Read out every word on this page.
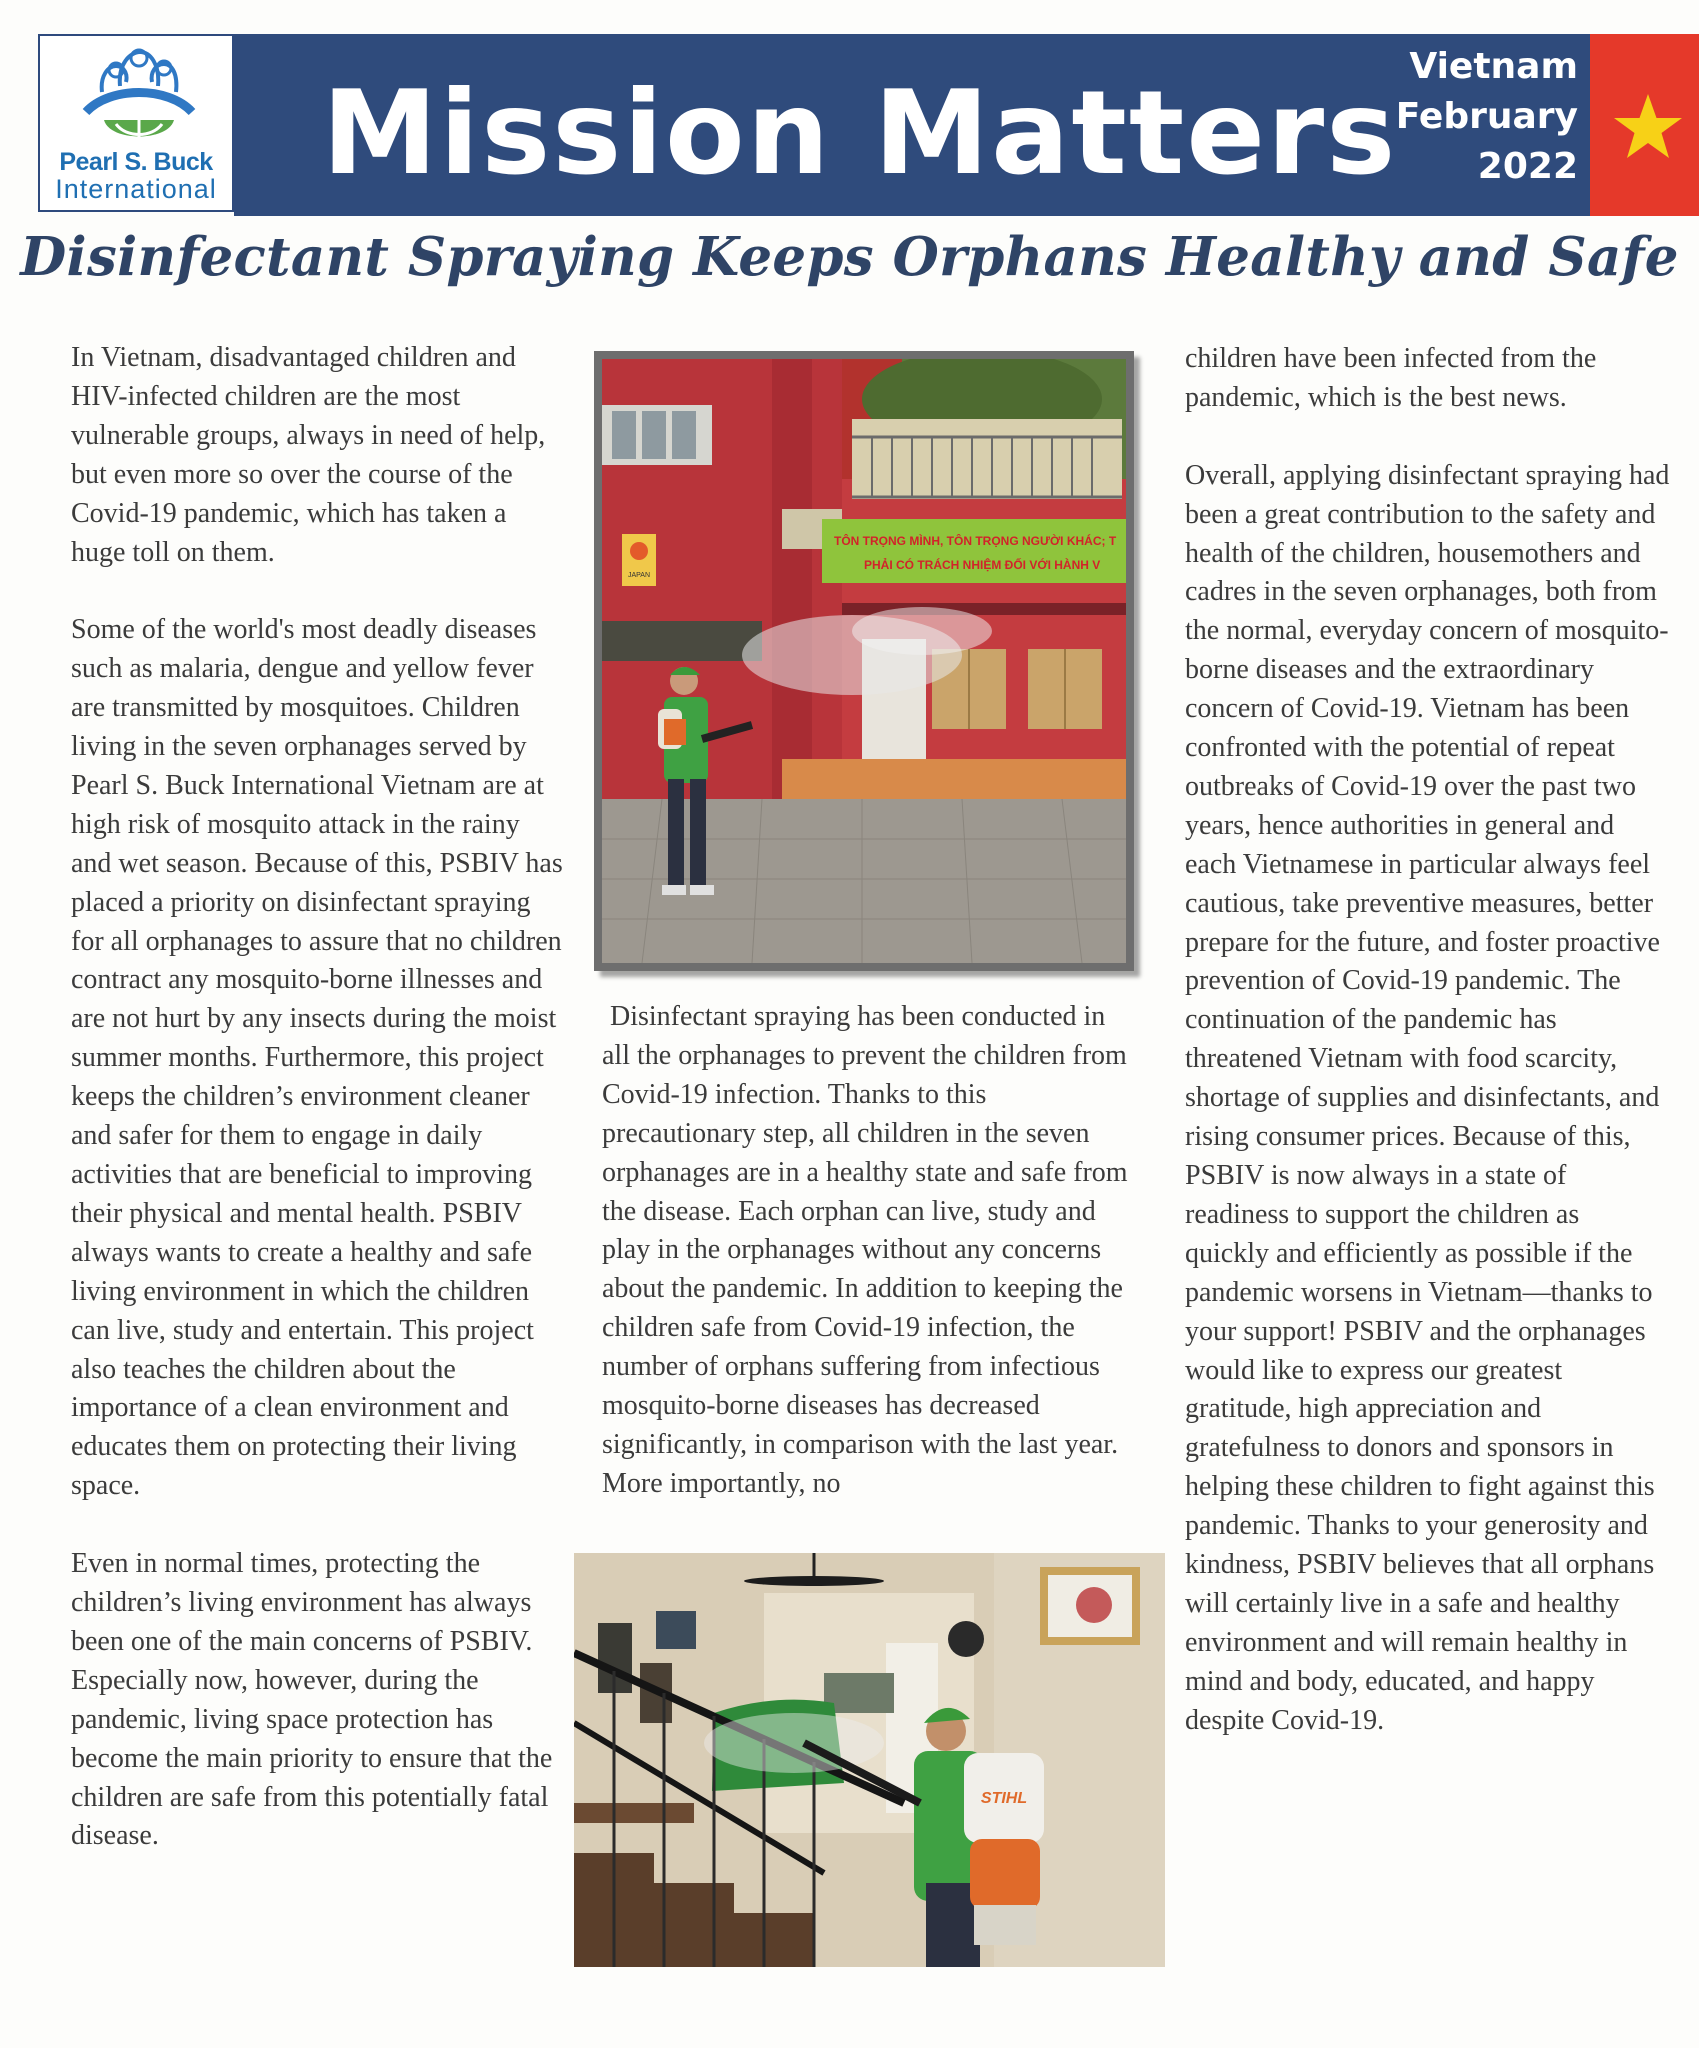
Pearl S. Buck
International Mission Matters Vietnam
February
2022
Disinfectant Spraying Keeps Orphans Healthy and Safe

In Vietnam, disadvantaged children and HIV-infected children are the most vulnerable groups, always in need of help, but even more so over the course of the Covid-19 pandemic, which has taken a huge toll on them.

Some of the world's most deadly diseases such as malaria, dengue and yellow fever are transmitted by mosquitoes. Children living in the seven orphanages served by Pearl S. Buck International Vietnam are at high risk of mosquito attack in the rainy and wet season. Because of this, PSBIV has placed a priority on disinfectant spraying for all orphanages to assure that no children contract any mosquito-borne illnesses and are not hurt by any insects during the moist summer months. Furthermore, this project keeps the children’s environment cleaner and safer for them to engage in daily activities that are beneficial to improving their physical and mental health. PSBIV always wants to create a healthy and safe living environment in which the children can live, study and entertain. This project also teaches the children about the importance of a clean environment and educates them on protecting their living space.

Even in normal times, protecting the children’s living environment has always been one of the main concerns of PSBIV. Especially now, however, during the pandemic, living space protection has become the main priority to ensure that the children are safe from this potentially fatal disease.

JAPAN
TÔN TRỌNG MÌNH, TÔN TRỌNG NGƯỜI KHÁC; T
PHẢI CÓ TRÁCH NHIỆM ĐỐI VỚI HÀNH V

Disinfectant spraying has been conducted in all the orphanages to prevent the children from Covid-19 infection. Thanks to this precautionary step, all children in the seven orphanages are in a healthy state and safe from the disease. Each orphan can live, study and play in the orphanages without any concerns about the pandemic. In addition to keeping the children safe from Covid-19 infection, the number of orphans suffering from infectious mosquito-borne diseases has decreased significantly, in comparison with the last year. More importantly, no

STIHL

children have been infected from the pandemic, which is the best news.

Overall, applying disinfectant spraying had been a great contribution to the safety and health of the children, housemothers and cadres in the seven orphanages, both from the normal, everyday concern of mosquito-borne diseases and the extraordinary concern of Covid-19. Vietnam has been confronted with the potential of repeat outbreaks of Covid-19 over the past two years, hence authorities in general and each Vietnamese in particular always feel cautious, take preventive measures, better prepare for the future, and foster proactive prevention of Covid-19 pandemic. The continuation of the pandemic has threatened Vietnam with food scarcity, shortage of supplies and disinfectants, and rising consumer prices. Because of this, PSBIV is now always in a state of readiness to support the children as quickly and efficiently as possible if the pandemic worsens in Vietnam—thanks to your support! PSBIV and the orphanages would like to express our greatest gratitude, high appreciation and gratefulness to donors and sponsors in helping these children to fight against this pandemic. Thanks to your generosity and kindness, PSBIV believes that all orphans will certainly live in a safe and healthy environment and will remain healthy in mind and body, educated, and happy despite Covid-19.
